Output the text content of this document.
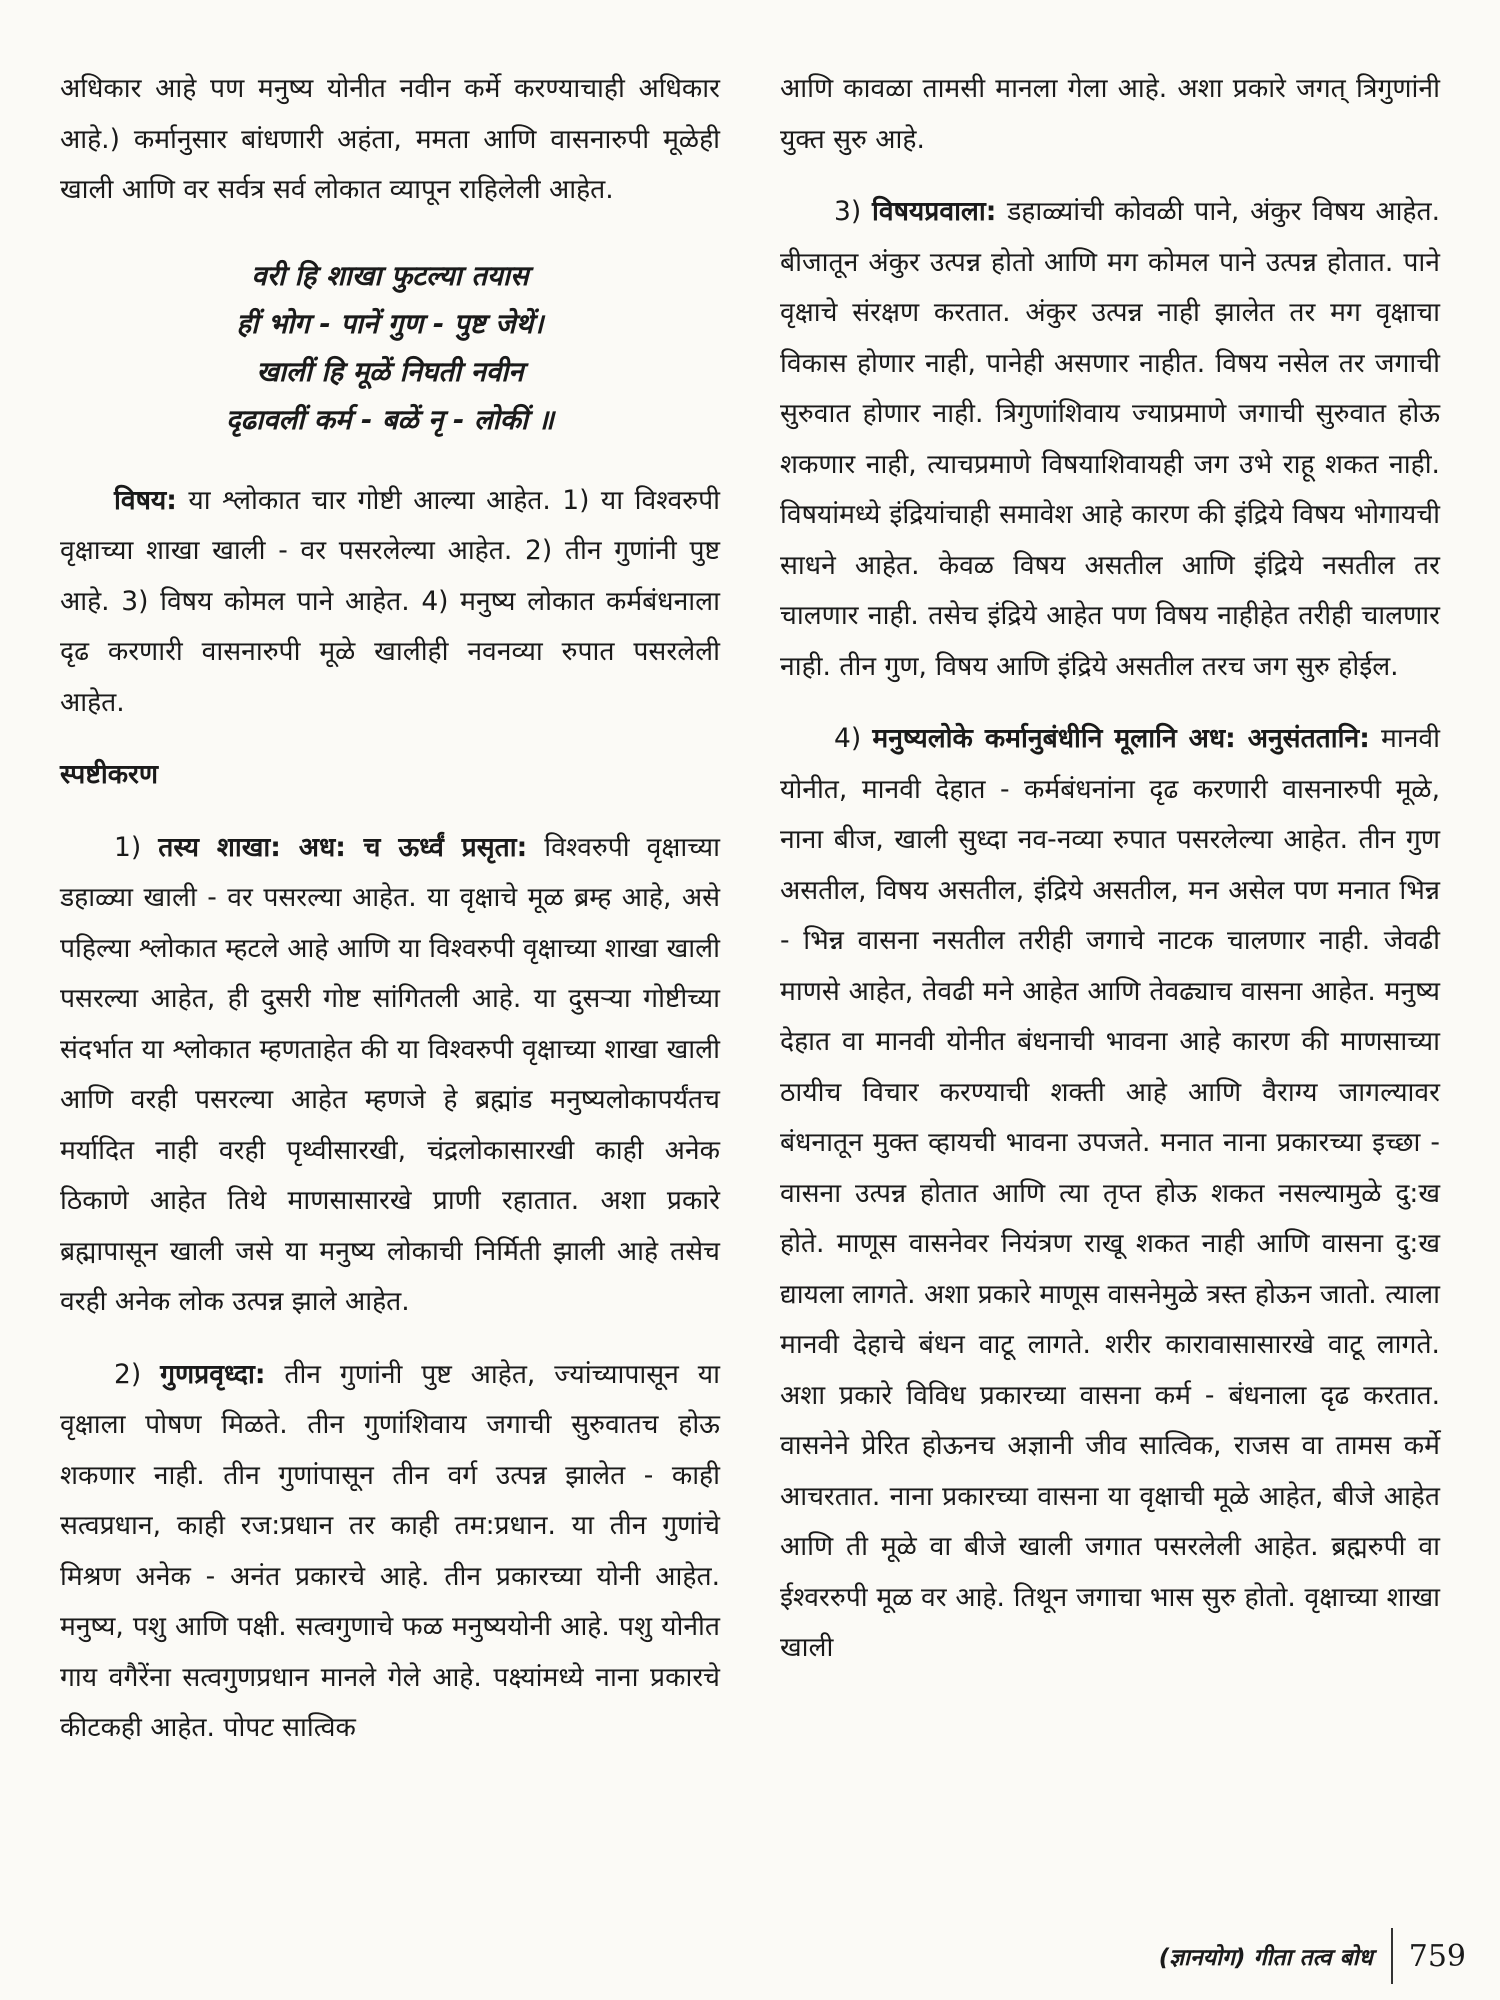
अधिकार आहे पण मनुष्य योनीत नवीन कर्मे करण्याचाही अधिकार आहे.) कर्मानुसार बांधणारी अहंता, ममता आणि वासनारुपी मूळेही खाली आणि वर सर्वत्र सर्व लोकात व्यापून राहिलेली आहेत.

वरी हि शाखा फुटल्या तयास
हीं भोग - पानें गुण - पुष्ट जेथें।
खालीं हि मूळें निघती नवीन
दृढावलीं कर्म - बळें नृ - लोकीं ॥

विषय: या श्लोकात चार गोष्टी आल्या आहेत. 1) या विश्वरुपी वृक्षाच्या शाखा खाली - वर पसरलेल्या आहेत. 2) तीन गुणांनी पुष्ट आहे. 3) विषय कोमल पाने आहेत. 4) मनुष्य लोकात कर्मबंधनाला दृढ करणारी वासनारुपी मूळे खालीही नवनव्या रुपात पसरलेली आहेत.

स्पष्टीकरण

1) तस्य शाखा: अध: च ऊर्ध्वं प्रसृता: विश्वरुपी वृक्षाच्या डहाळ्या खाली - वर पसरल्या आहेत. या वृक्षाचे मूळ ब्रम्ह आहे, असे पहिल्या श्लोकात म्हटले आहे आणि या विश्वरुपी वृक्षाच्या शाखा खाली पसरल्या आहेत, ही दुसरी गोष्ट सांगितली आहे. या दुसऱ्या गोष्टीच्या संदर्भात या श्लोकात म्हणताहेत की या विश्वरुपी वृक्षाच्या शाखा खाली आणि वरही पसरल्या आहेत म्हणजे हे ब्रह्मांड मनुष्यलोकापर्यंतच मर्यादित नाही वरही पृथ्वीसारखी, चंद्रलोकासारखी काही अनेक ठिकाणे आहेत तिथे माणसासारखे प्राणी रहातात. अशा प्रकारे ब्रह्मापासून खाली जसे या मनुष्य लोकाची निर्मिती झाली आहे तसेच वरही अनेक लोक उत्पन्न झाले आहेत.

2) गुणप्रवृध्दा: तीन गुणांनी पुष्ट आहेत, ज्यांच्यापासून या वृक्षाला पोषण मिळते. तीन गुणांशिवाय जगाची सुरुवातच होऊ शकणार नाही. तीन गुणांपासून तीन वर्ग उत्पन्न झालेत - काही सत्वप्रधान, काही रज:प्रधान तर काही तम:प्रधान. या तीन गुणांचे मिश्रण अनेक - अनंत प्रकारचे आहे. तीन प्रकारच्या योनी आहेत. मनुष्य, पशु आणि पक्षी. सत्वगुणाचे फळ मनुष्ययोनी आहे. पशु योनीत गाय वगैरेंना सत्वगुणप्रधान मानले गेले आहे. पक्ष्यांमध्ये नाना प्रकारचे कीटकही आहेत. पोपट सात्विक

आणि कावळा तामसी मानला गेला आहे. अशा प्रकारे जगत् त्रिगुणांनी युक्त सुरु आहे.

3) विषयप्रवाला: डहाळ्यांची कोवळी पाने, अंकुर विषय आहेत. बीजातून अंकुर उत्पन्न होतो आणि मग कोमल पाने उत्पन्न होतात. पाने वृक्षाचे संरक्षण करतात. अंकुर उत्पन्न नाही झालेत तर मग वृक्षाचा विकास होणार नाही, पानेही असणार नाहीत. विषय नसेल तर जगाची सुरुवात होणार नाही. त्रिगुणांशिवाय ज्याप्रमाणे जगाची सुरुवात होऊ शकणार नाही, त्याचप्रमाणे विषयाशिवायही जग उभे राहू शकत नाही. विषयांमध्ये इंद्रियांचाही समावेश आहे कारण की इंद्रिये विषय भोगायची साधने आहेत. केवळ विषय असतील आणि इंद्रिये नसतील तर चालणार नाही. तसेच इंद्रिये आहेत पण विषय नाहीहेत तरीही चालणार नाही. तीन गुण, विषय आणि इंद्रिये असतील तरच जग सुरु होईल.

4) मनुष्यलोके कर्मानुबंधीनि मूलानि अध: अनुसंततानि: मानवी योनीत, मानवी देहात - कर्मबंधनांना दृढ करणारी वासनारुपी मूळे, नाना बीज, खाली सुध्दा नव-नव्या रुपात पसरलेल्या आहेत. तीन गुण असतील, विषय असतील, इंद्रिये असतील, मन असेल पण मनात भिन्न - भिन्न वासना नसतील तरीही जगाचे नाटक चालणार नाही. जेवढी माणसे आहेत, तेवढी मने आहेत आणि तेवढ्याच वासना आहेत. मनुष्य देहात वा मानवी योनीत बंधनाची भावना आहे कारण की माणसाच्या ठायीच विचार करण्याची शक्ती आहे आणि वैराग्य जागल्यावर बंधनातून मुक्त व्हायची भावना उपजते. मनात नाना प्रकारच्या इच्छा - वासना उत्पन्न होतात आणि त्या तृप्त होऊ शकत नसल्यामुळे दु:ख होते. माणूस वासनेवर नियंत्रण राखू शकत नाही आणि वासना दु:ख द्यायला लागते. अशा प्रकारे माणूस वासनेमुळे त्रस्त होऊन जातो. त्याला मानवी देहाचे बंधन वाटू लागते. शरीर कारावासासारखे वाटू लागते. अशा प्रकारे विविध प्रकारच्या वासना कर्म - बंधनाला दृढ करतात. वासनेने प्रेरित होऊनच अज्ञानी जीव सात्विक, राजस वा तामस कर्मे आचरतात. नाना प्रकारच्या वासना या वृक्षाची मूळे आहेत, बीजे आहेत आणि ती मूळे वा बीजे खाली जगात पसरलेली आहेत. ब्रह्मरुपी वा ईश्वररुपी मूळ वर आहे. तिथून जगाचा भास सुरु होतो. वृक्षाच्या शाखा खाली

(ज्ञानयोग) गीता तत्व बोध 759
